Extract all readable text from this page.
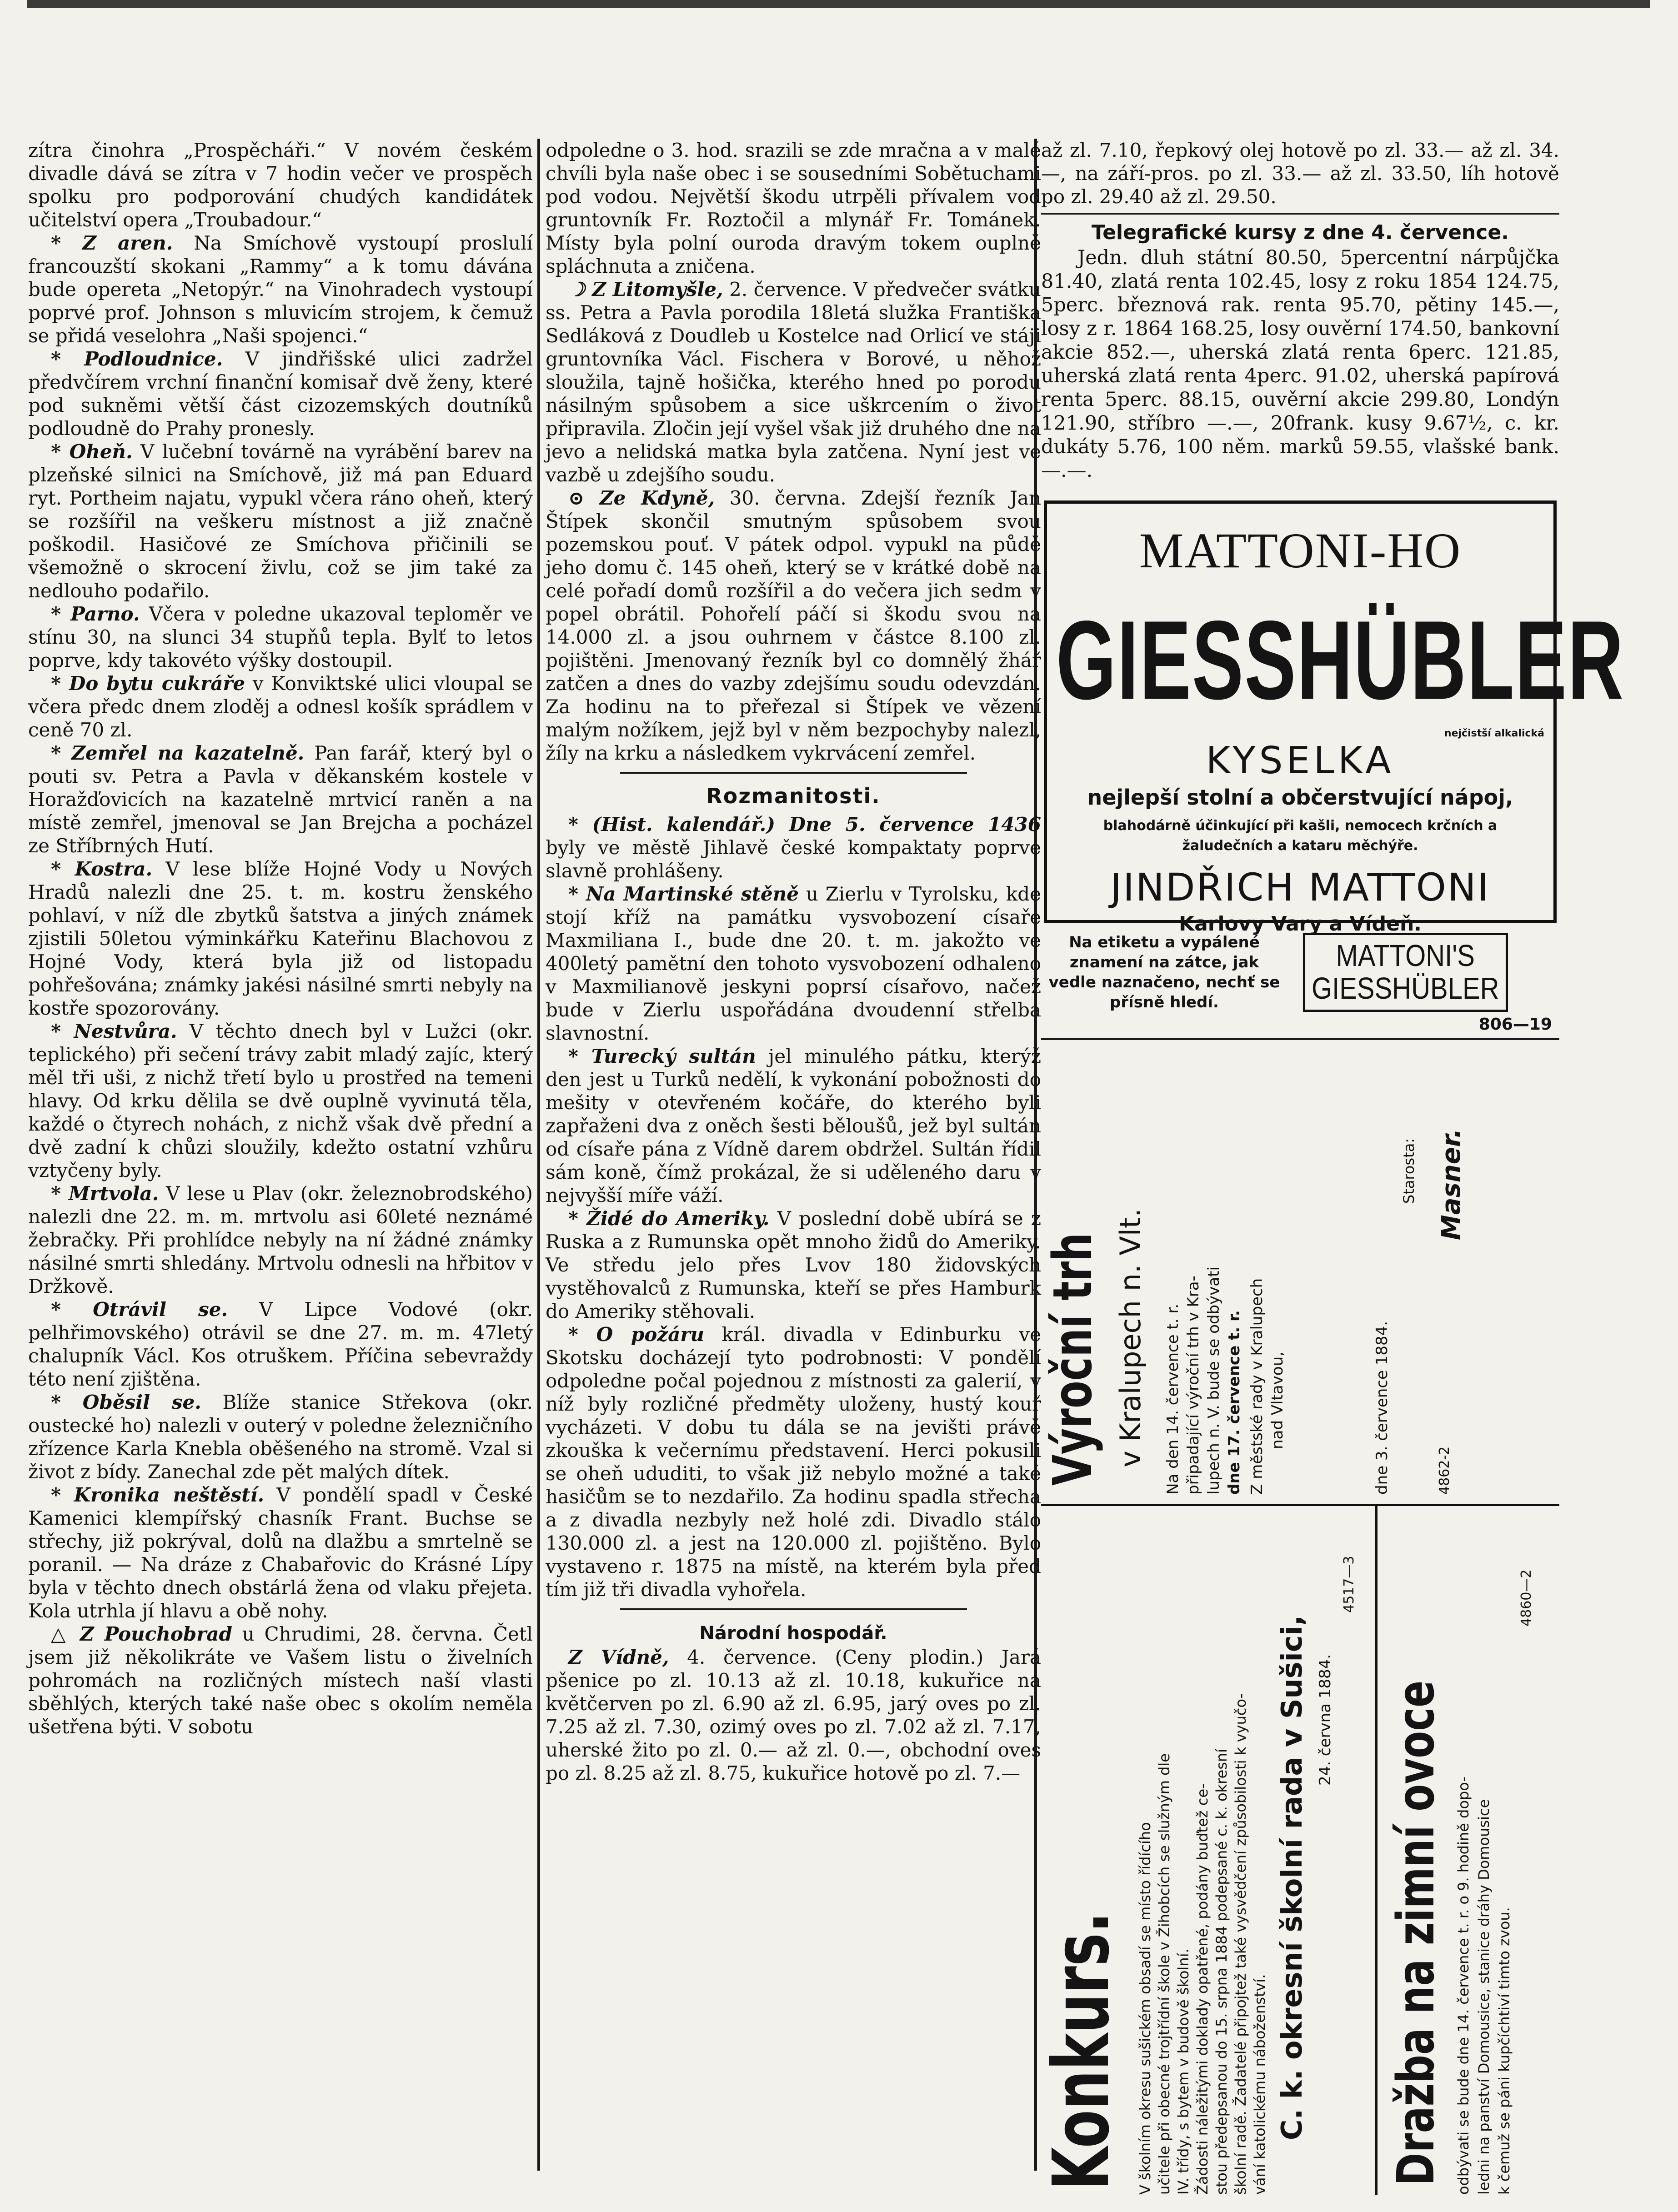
zítra činohra „Prospěcháři.“ V novém českém divadle dává se zítra v 7 hodin večer ve prospěch spolku pro podporování chudých kandidátek učitelství opera „Troubadour.“

* Z aren. Na Smíchově vystoupí proslulí francouzští skokani „Rammy“ a k tomu dávána bude opereta „Netopýr.“ na Vinohradech vystoupí poprvé prof. Johnson s mluvicím strojem, k čemuž se přidá veselohra „Naši spojenci.“

* Podloudnice. V jindřišské ulici zadržel předvčírem vrchní finanční komisař dvě ženy, které pod sukněmi větší část cizozemských doutníků podloudně do Prahy pronesly.

* Oheň. V lučební továrně na vyrábění barev na plzeňské silnici na Smíchově, již má pan Eduard ryt. Portheim najatu, vypukl včera ráno oheň, který se rozšířil na veškeru místnost a již značně poškodil. Hasičové ze Smíchova přičinili se všemožně o skrocení živlu, což se jim také za nedlouho podařilo.

* Parno. Včera v poledne ukazoval teploměr ve stínu 30, na slunci 34 stupňů tepla. Bylť to letos poprve, kdy takovéto výšky dostoupil.

* Do bytu cukráře v Konviktské ulici vloupal se včera předc dnem zloděj a odnesl košík sprádlem v ceně 70 zl.

* Zemřel na kazatelně. Pan farář, který byl o pouti sv. Petra a Pavla v děkanském kostele v Horažďovicích na kazatelně mrtvicí raněn a na místě zemřel, jmenoval se Jan Brejcha a pocházel ze Stříbrných Hutí.

* Kostra. V lese blíže Hojné Vody u Nových Hradů nalezli dne 25. t. m. kostru ženského pohlaví, v níž dle zbytků šatstva a jiných známek zjistili 50letou výminkářku Kateřinu Blachovou z Hojné Vody, která byla již od listopadu pohřešována; známky jakési násilné smrti nebyly na kostře spozorovány.

* Nestvůra. V těchto dnech byl v Lužci (okr. teplického) při sečení trávy zabit mladý zajíc, který měl tři uši, z nichž třetí bylo u prostřed na temeni hlavy. Od krku dělila se dvě ouplně vyvinutá těla, každé o čtyrech nohách, z nichž však dvě přední a dvě zadní k chůzi sloužily, kdežto ostatní vzhůru vztyčeny byly.

* Mrtvola. V lese u Plav (okr. železnobrodského) nalezli dne 22. m. m. mrtvolu asi 60leté neznámé žebračky. Při prohlídce nebyly na ní žádné známky násilné smrti shledány. Mrtvolu odnesli na hřbitov v Držkově.

* Otrávil se. V Lipce Vodové (okr. pelhřimovského) otrávil se dne 27. m. m. 47letý chalupník Václ. Kos otruškem. Příčina sebevraždy této není zjištěna.

* Oběsil se. Blíže stanice Střekova (okr. oustecké ho) nalezli v outerý v poledne železničního zřízence Karla Knebla oběšeného na stromě. Vzal si život z bídy. Zanechal zde pět malých dítek.

* Kronika neštěstí. V pondělí spadl v České Kamenici klempířský chasník Frant. Buchse se střechy, již pokrýval, dolů na dlažbu a smrtelně se poranil. — Na dráze z Chabařovic do Krásné Lípy byla v těchto dnech obstárlá žena od vlaku přejeta. Kola utrhla jí hlavu a obě nohy.

△ Z Pouchobrad u Chrudimi, 28. června. Četl jsem již několikráte ve Vašem listu o živelních pohromách na rozličných místech naší vlasti sběhlých, kterých také naše obec s okolím neměla ušetřena býti. V sobotu

odpoledne o 3. hod. srazili se zde mračna a v malé chvíli byla naše obec i se sousedními Sobětuchami pod vodou. Největší škodu utrpěli přívalem vod gruntovník Fr. Roztočil a mlynář Fr. Tománek. Místy byla polní ouroda dravým tokem ouplně spláchnuta a zničena.

☽ Z Litomyšle, 2. července. V předvečer svátku ss. Petra a Pavla porodila 18letá služka Františka Sedláková z Doudleb u Kostelce nad Orlicí ve stáji gruntovníka Václ. Fischera v Borové, u něhož sloužila, tajně hošička, kterého hned po porodu násilným spůsobem a sice uškrcením o život připravila. Zločin její vyšel však již druhého dne na jevo a nelidská matka byla zatčena. Nyní jest ve vazbě u zdejšího soudu.

⊙ Ze Kdyně, 30. června. Zdejší řezník Jan Štípek skončil smutným spůsobem svou pozemskou pouť. V pátek odpol. vypukl na půdě jeho domu č. 145 oheň, který se v krátké době na celé pořadí domů rozšířil a do večera jich sedm v popel obrátil. Pohořelí páčí si škodu svou na 14.000 zl. a jsou ouhrnem v částce 8.100 zl. pojištěni. Jmenovaný řezník byl co domnělý žhář zatčen a dnes do vazby zdejšímu soudu odevzdán. Za hodinu na to přeřezal si Štípek ve vězení malým nožíkem, jejž byl v něm bezpochyby nalezl, žíly na krku a následkem vykrvácení zemřel.

Rozmanitosti.

* (Hist. kalendář.) Dne 5. července 1436 byly ve městě Jihlavě české kompaktaty poprve slavně prohlášeny.

* Na Martinské stěně u Zierlu v Tyrolsku, kde stojí kříž na památku vysvobození císaře Maxmiliana I., bude dne 20. t. m. jakožto ve 400letý pamětní den tohoto vysvobození odhaleno v Maxmilianově jeskyni poprsí císařovo, načež bude v Zierlu uspořádána dvoudenní střelba slavnostní.

* Turecký sultán jel minulého pátku, kterýž den jest u Turků nedělí, k vykonání pobožnosti do mešity v otevřeném kočáře, do kterého byli zapřaženi dva z oněch šesti běloušů, jež byl sultán od císaře pána z Vídně darem obdržel. Sultán řídil sám koně, čímž prokázal, že si uděleného daru v nejvyšší míře váží.

* Židé do Ameriky. V poslední době ubírá se z Ruska a z Rumunska opět mnoho židů do Ameriky. Ve středu jelo přes Lvov 180 židovských vystěhovalců z Rumunska, kteří se přes Hamburk do Ameriky stěhovali.

* O požáru král. divadla v Edinburku ve Skotsku docházejí tyto podrobnosti: V pondělí odpoledne počal pojednou z místnosti za galerií, v níž byly rozličné předměty uloženy, hustý kouř vycházeti. V dobu tu dála se na jevišti právě zkouška k večernímu představení. Herci pokusili se oheň ududiti, to však již nebylo možné a také hasičům se to nezdařilo. Za hodinu spadla střecha a z divadla nezbyly než holé zdi. Divadlo stálo 130.000 zl. a jest na 120.000 zl. pojištěno. Bylo vystaveno r. 1875 na místě, na kterém byla před tím již tři divadla vyhořela.

Národní hospodář.

Z Vídně, 4. července. (Ceny plodin.) Jará pšenice po zl. 10.13 až zl. 10.18, kukuřice na květčerven po zl. 6.90 až zl. 6.95, jarý oves po zl. 7.25 až zl. 7.30, ozimý oves po zl. 7.02 až zl. 7.17, uherské žito po zl. 0.— až zl. 0.—, obchodní oves po zl. 8.25 až zl. 8.75, kukuřice hotově po zl. 7.—

až zl. 7.10, řepkový olej hotově po zl. 33.— až zl. 34.—, na září-pros. po zl. 33.— až zl. 33.50, líh hotově po zl. 29.40 až zl. 29.50.

Telegrafické kursy z dne 4. července.

Jedn. dluh státní 80.50, 5percentní nárpůjčka 81.40, zlatá renta 102.45, losy z roku 1854 124.75, 5perc. březnová rak. renta 95.70, pětiny 145.—, losy z r. 1864 168.25, losy ouvěrní 174.50, bankovní akcie 852.—, uherská zlatá renta 6perc. 121.85, uherská zlatá renta 4perc. 91.02, uherská papírová renta 5perc. 88.15, ouvěrní akcie 299.80, Londýn 121.90, stříbro —.—, 20frank. kusy 9.67½, c. kr. dukáty 5.76, 100 něm. marků 59.55, vlašské bank. —.—.

MATTONI-HO
GIESSHÜBLER
nejčistší alkalická
KYSELKA
nejlepší stolní a občerstvující nápoj,
blahodárně účinkující při kašli, nemocech krčních a
žaludečních a kataru měchýře.
JINDŘICH MATTONI
Karlovy Vary a Vídeň.
Na etiketu a vypálené znamení na zátce, jak vedle naznačeno, nechť se přísně hledí.
MATTONI'S
GIESSHÜBLER
806—19
Výroční trh v Kralupech n. Vlt. Na den 14. července t. r. připadající výroční trh v Kra- lupech n. V. bude se odbývati dne 17. července t. r. Z městské rady v Kralupech nad Vltavou,	dne 3. července 1884.
Starosta: Masner.
4862-2
Konkurs. V školním okresu sušickém obsadí se místo řídícího učitele při obecné trojtřídní škole v Žihobcích se služným dle IV. třídy, s bytem v budově školní. Žádosti náležitými doklady opatřené, podány buďtež ce- stou předepsanou do 15. srpna 1884 podepsané c. k. okresní školní radě. Žadatelé připojtež také vysvědčení způsobilosti k vyučo- vání katolickému náboženství. C. k. okresní školní rada v Sušici, 24. června 1884.
4517—3
Dražba na zimní ovoce odbývati se bude dne 14. července t. r. o 9. hodině dopo- ledni na panství Domousice, stanice dráhy Domousice k čemuž se páni kupčíchtiví timto zvou.
4860—2
